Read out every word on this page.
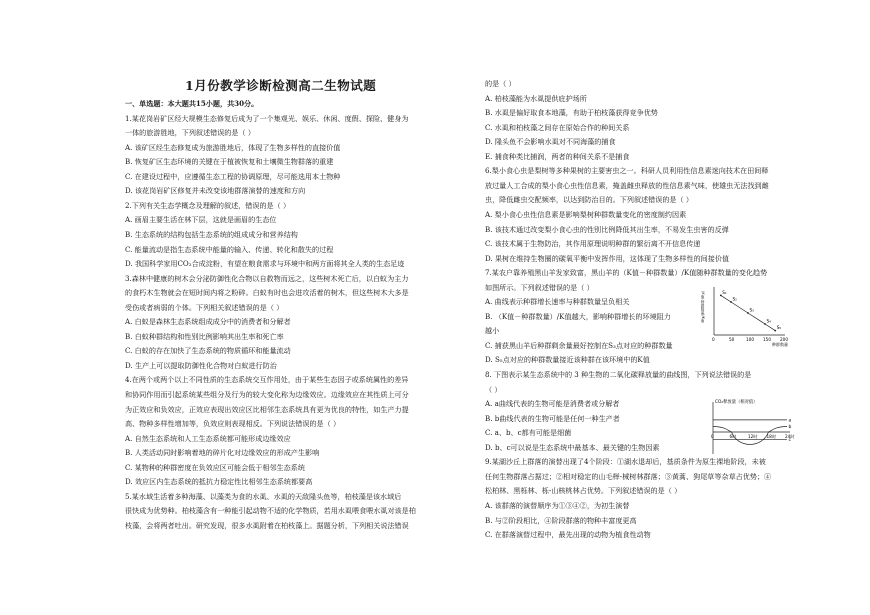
1月份教学诊断检测高二生物试题
一、单选题：本大题共15小题，共30分。
1.某花岗岩矿区经大规模生态修复后成为了一个集观光、娱乐、休闲、度假、探险、健身为
一体的旅游胜地，下列叙述错误的是（ ）
A. 该矿区经生态修复成为旅游胜地后，体现了生物多样性的直接价值
B. 恢复矿区生态环境的关键在于植被恢复和土壤微生物群落的重建
C. 在建设过程中，应遵循生态工程的协调原理，尽可能选用本土物种
D. 该花岗岩矿区修复并未改变该地群落演替的速度和方向
2.下列有关生态学概念及理解的叙述，错误的是（ ）
A. 画眉主要生活在林下层，这就是画眉的生态位
B. 生态系统的结构包括生态系统的组成成分和营养结构
C. 能量流动是指生态系统中能量的输入、传递、转化和散失的过程
D. 我国科学家用CO₂合成淀粉，有望在粮食需求与环境中和两方面将其全人类的生态足迹
3.森林中健康的树木会分泌防御性化合物以自救物而远之，这些树木死亡后，以白蚁为主力
的食朽木生物就会在短时间内将之粉碎。白蚁有时也会进攻活着的树木，但这些树木大多是
受伤或者病弱的个体。下列相关叙述错误的是（ ）
A. 白蚁是森林生态系统组成成分中的消费者和分解者
B. 白蚁种群结构和性别比例影响其出生率和死亡率
C. 白蚁的存在加快了生态系统的物质循环和能量流动
D. 生产上可以提取防御性化合物对白蚁进行防治
4.在两个或两个以上不同性质的生态系统交互作用处，由于某些生态因子或系统属性的差异
和协同作用而引起系统某些组分及行为的较大变化称为边缘效应。边缘效应在其性质上可分
为正效应和负效应，正效应表现出效应区比相邻生态系统具有更为优良的特性，如生产力提
高、物种多样性增加等，负效应则表现相反。下列说法错误的是（ ）
A. 自然生态系统和人工生态系统都可能形成边缘效应
B. 人类活动同时影响着地的碎片化对边缘效应的形成产生影响
C. 某物种的种群密度在负效应区可能会低于相邻生态系统
D. 效应区内生态系统的抵抗力稳定性比相邻生态系统都要高
5.某水域生活着多种海藻、以藻类为食的水虱、水虱的天敌隆头鱼等，柏枝藻是该水域后
很快成为优势种。柏枝藻含有一种能引起动物不适的化学物质，若用水虱喂食喂水虱对该是柏
枝藻，会将两者吐出。研究发现，很多水虱附着在柏枝藻上。据题分析，下列相关说法错误
的是（ ）
A. 柏枝藻能为水虱提供庇护场所
B. 水虱是偏好取食本地藻，有助于柏枝藻获得竞争优势
C. 水虱和柏枝藻之间存在原始合作的种间关系
D. 隆头鱼不会影响水虱对不同海藻的捕食
E. 捕食种类比捕润，两者的种间关系不是捕食
6.梨小食心虫是梨树等多种果树的主要害虫之一。科研人员利用性信息素迷向技术在田间释
放过量人工合成的梨小食心虫性信息素，掩盖雌虫释放的性信息素气味，使雄虫无法找到雌
虫，降低雌虫交配频率，以达到防治目的。下列叙述错误的是（ ）
A. 梨小食心虫性信息素是影响梨树种群数量变化的密度制约因素
B. 该技术通过改变梨小食心虫的性别比例降低其出生率，不易发生虫害的反弹
C. 该技术属于生物防治，其作用原理说明种群的繁衍离不开信息传递
D. 果树在维持生物圈的碳氧平衡中发挥作用，这体现了生物多样性的间接价值
7.某农户靠养殖黑山羊发家致富，黑山羊的（K值－种群数量）/K值随种群数量的变化趋势
如图所示。下列叙述错误的是（ ）
A. 曲线表示种群增长速率与种群数量呈负相关
B. （K值－种群数量）/K值越大，影响种群增长的环境阻力
越小
C. 捕获黑山羊后种群剩余量最好控制在S₃点对应的种群数量
D. S₅点对应的种群数量接近该种群在该环境中的K值
8. 下图表示某生态系统中的 3 种生物的二氧化碳释放量的曲线图，下列说法错误的是
（ ）
A. a曲线代表的生物可能是消费者或分解者
B. b曲线代表的生物可能是任何一种生产者
C. a、b、c都有可能是细菌
D. b、c可以说是生态系统中最基本、最关键的生物因素
9.某湖沙丘上群落的演替出现了4个阶段：①湖水退却后，基质条件为原生裸地阶段，未被
任何生物群落占据过；②相对稳定的山毛榉-械树林群落；③黄蒿、狗尾草等杂草占优势；④
松柏林、黑栎林、栎-山核桃林占优势。下列叙述错误的是（ ）
A. 该群落的演替顺序为①③④②，为初生演替
B. 与②阶段相比，④阶段群落的物种丰富度更高
C. 在群落演替过程中，最先出现的动物为植食性动物
(K值-种群数量)/K值
0	50	100 150 200
种群数量
S₁
S₂
S₃
S₄
S₅
CO₂释放量（相对值）
0	6时	12时 18时 24时
a
b
c
